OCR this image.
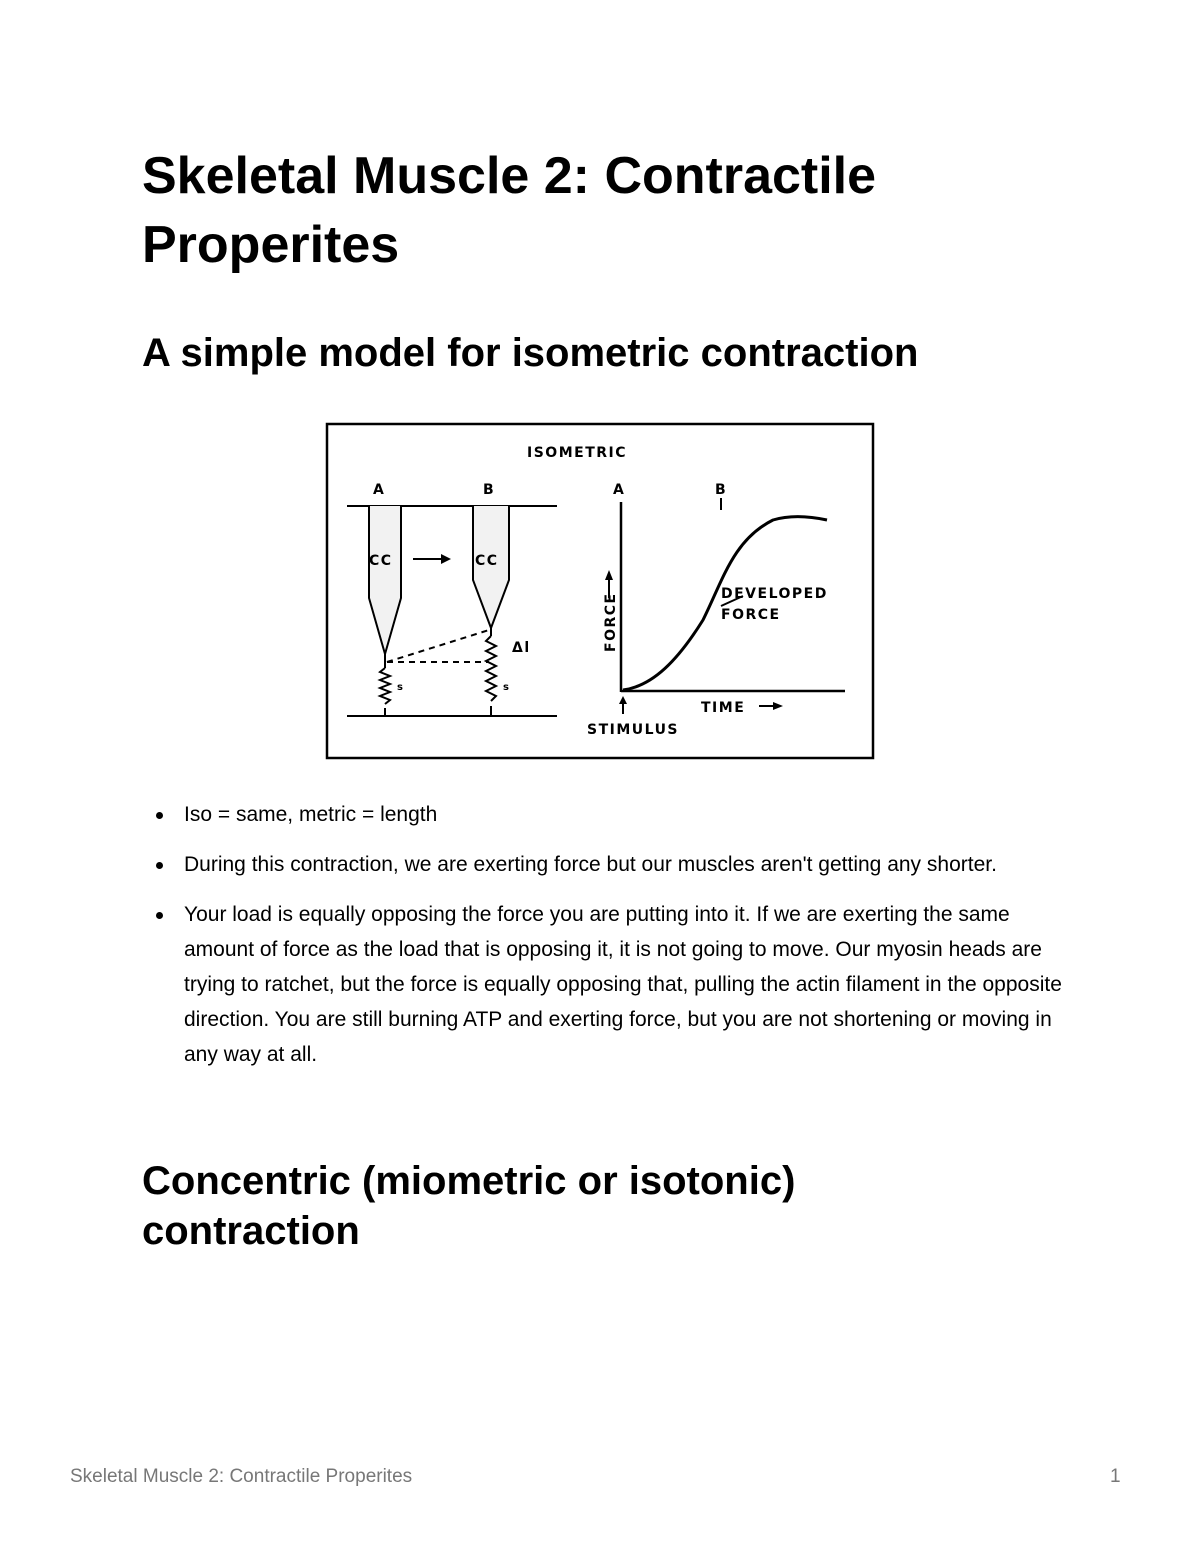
Skeletal Muscle 2: Contractile Properites
A simple model for isometric contraction
ISOMETRIC
A	B
CC
s
CC
s
Δl
A	B
FORCE	DEVELOPED
FORCE
TIME
STIMULUS
Iso = same, metric = length
During this contraction, we are exerting force but our muscles aren't getting any shorter.
Your load is equally opposing the force you are putting into it. If we are exerting the same amount of force as the load that is opposing it, it is not going to move. Our myosin heads are trying to ratchet, but the force is equally opposing that, pulling the actin filament in the opposite direction. You are still burning ATP and exerting force, but you are not shortening or moving in any way at all.
Concentric (miometric or isotonic) contraction
Skeletal Muscle 2: Contractile Properites	1
